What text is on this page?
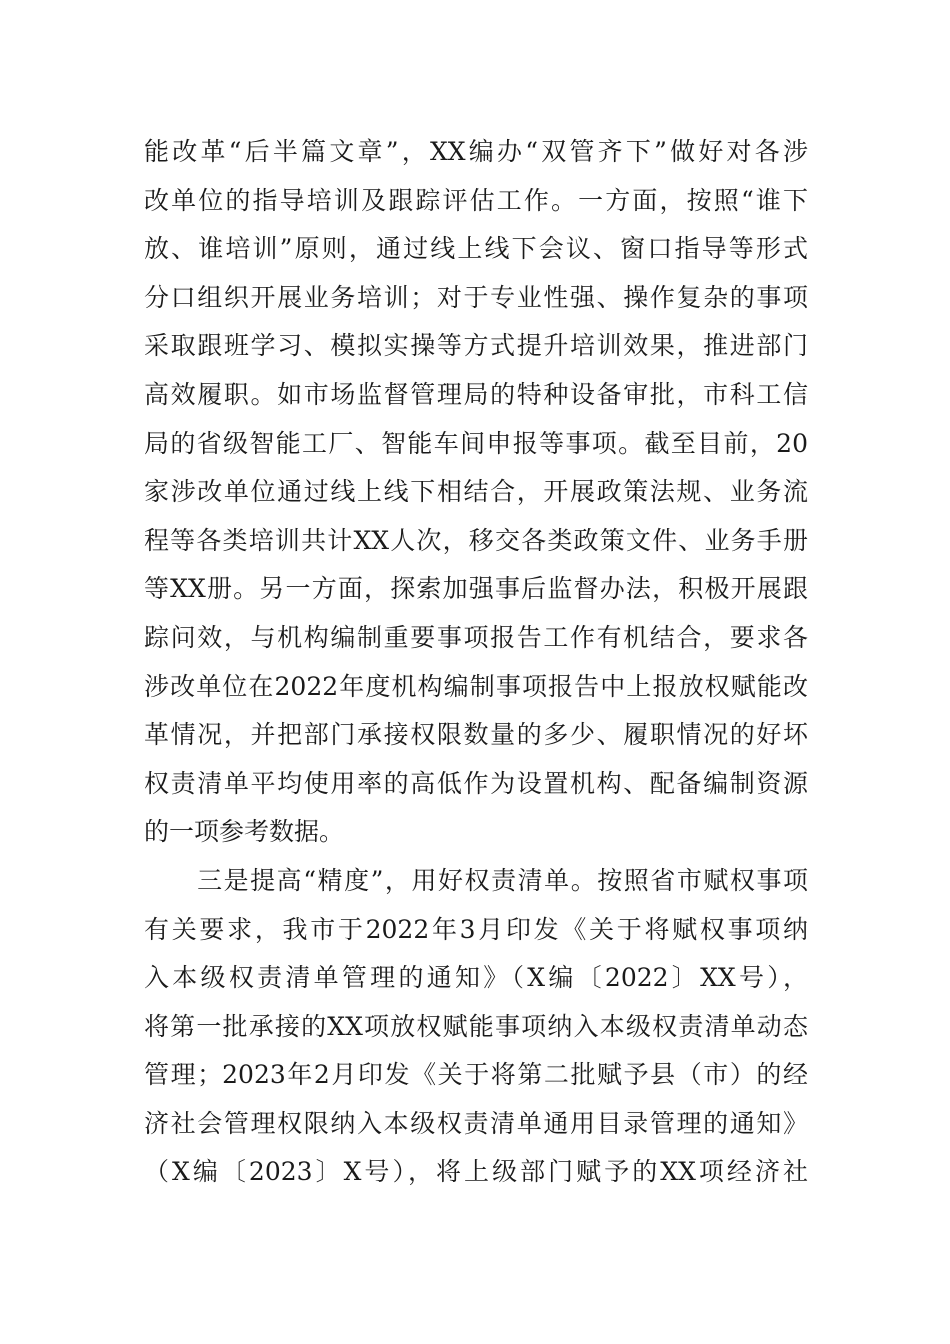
能改革“后半篇文章”，XX编办“双管齐下”做好对各涉
改单位的指导培训及跟踪评估工作。一方面，按照“谁下
放、谁培训”原则，通过线上线下会议、窗口指导等形式
分口组织开展业务培训；对于专业性强、操作复杂的事项
采取跟班学习、模拟实操等方式提升培训效果，推进部门
高效履职。如市场监督管理局的特种设备审批，市科工信
局的省级智能工厂、智能车间申报等事项。截至目前，20
家涉改单位通过线上线下相结合，开展政策法规、业务流
程等各类培训共计XX人次，移交各类政策文件、业务手册
等XX册。另一方面，探索加强事后监督办法，积极开展跟
踪问效，与机构编制重要事项报告工作有机结合，要求各
涉改单位在2022年度机构编制事项报告中上报放权赋能改
革情况，并把部门承接权限数量的多少、履职情况的好坏
权责清单平均使用率的高低作为设置机构、配备编制资源
的一项参考数据。
　　三是提高“精度”，用好权责清单。按照省市赋权事项
有关要求，我市于2022年3月印发《关于将赋权事项纳
入本级权责清单管理的通知》（X编〔2022〕XX号），
将第一批承接的XX项放权赋能事项纳入本级权责清单动态
管理；2023年2月印发《关于将第二批赋予县（市）的经
济社会管理权限纳入本级权责清单通用目录管理的通知》
（X编〔2023〕X号），将上级部门赋予的XX项经济社
